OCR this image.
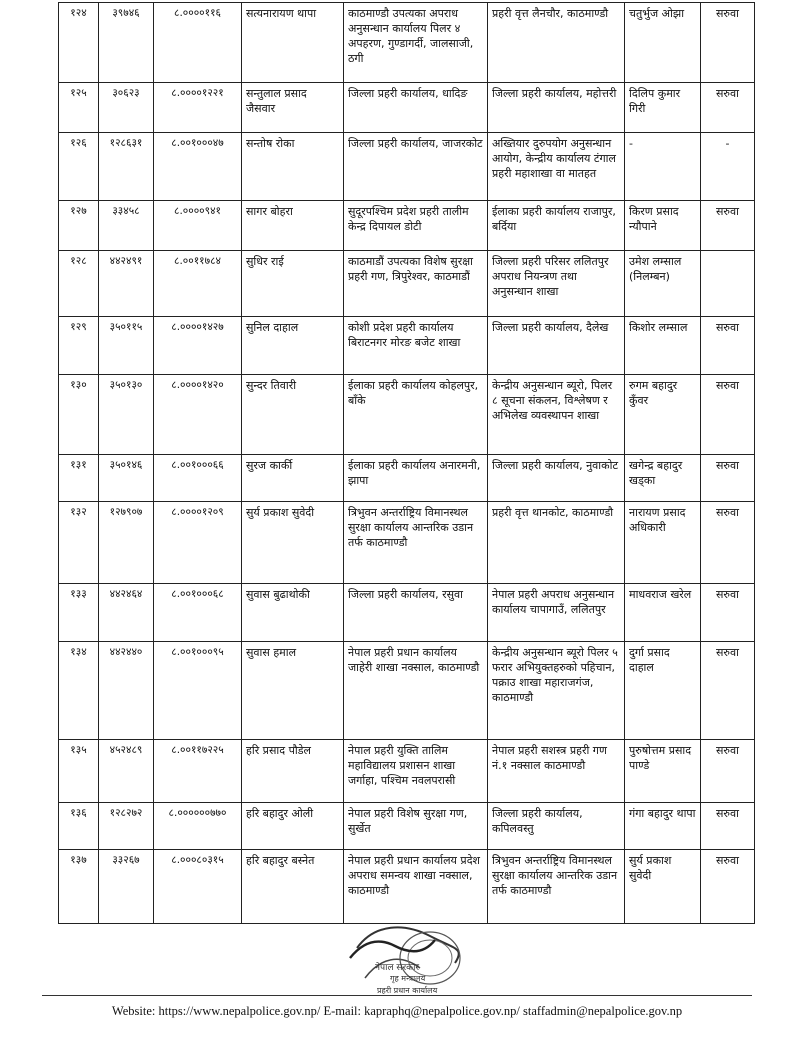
१२४	३९७४६	८.००००११६	सत्यनारायण थापा	काठमाण्डौ उपत्यका अपराध अनुसन्धान कार्यालय पिलर ४ अपहरण, गुण्डागर्दी, जालसाजी, ठगी	प्रहरी वृत्त लैनचौर, काठमाण्डौ	चतुर्भुज ओझा	सरुवा
१२५	३०६२३	८.००००१२२१	सन्तुलाल प्रसाद जैसवार	जिल्ला प्रहरी कार्यालय, धादिङ	जिल्ला प्रहरी कार्यालय, महोत्तरी	दिलिप कुमार गिरी	सरुवा
१२६	१२८६३१	८.००१०००४७	सन्तोष रोका	जिल्ला प्रहरी कार्यालय, जाजरकोट	अख्तियार दुरुपयोग अनुसन्धान आयोग, केन्द्रीय कार्यालय टंगाल प्रहरी महाशाखा वा मातहत	-	-
१२७	३३४५८	८.००००९४१	सागर बोहरा	सुदूरपश्चिम प्रदेश प्रहरी तालीम केन्द्र दिपायल डोटी	ईलाका प्रहरी कार्यालय राजापुर, बर्दिया	किरण प्रसाद न्यौपाने	सरुवा
१२८	४४२४९१	८.००११७८४	सुधिर राई	काठमाडौं उपत्यका विशेष सुरक्षा प्रहरी गण, त्रिपुरेश्वर, काठमाडौं	जिल्ला प्रहरी परिसर ललितपुर अपराध नियन्त्रण तथा अनुसन्धान शाखा	उमेश लम्साल (निलम्बन)	
१२९	३५०११५	८.००००१४२७	सुनिल दाहाल	कोशी प्रदेश प्रहरी कार्यालय बिराटनगर मोरङ बजेट शाखा	जिल्ला प्रहरी कार्यालय, दैलेख	किशोर लम्साल	सरुवा
१३०	३५०१३०	८.००००१४२०	सुन्दर तिवारी	ईलाका प्रहरी कार्यालय कोहलपुर, बाँके	केन्द्रीय अनुसन्धान ब्यूरो, पिलर ८ सूचना संकलन, विश्लेषण र अभिलेख व्यवस्थापन शाखा	रुगम बहादुर कुँवर	सरुवा
१३१	३५०१४६	८.००१०००६६	सुरज कार्की	ईलाका प्रहरी कार्यालय अनारमनी, झापा	जिल्ला प्रहरी कार्यालय, नुवाकोट	खगेन्द्र बहादुर खड्का	सरुवा
१३२	१२७९०७	८.००००१२०९	सुर्य प्रकाश सुवेदी	त्रिभुवन अन्तर्राष्ट्रिय विमानस्थल सुरक्षा कार्यालय आन्तरिक उडान तर्फ काठमाण्डौ	प्रहरी वृत्त थानकोट, काठमाण्डौ	नारायण प्रसाद अधिकारी	सरुवा
१३३	४४२४६४	८.००१०००६८	सुवास बुढाथोकी	जिल्ला प्रहरी कार्यालय, रसुवा	नेपाल प्रहरी अपराध अनुसन्धान कार्यालय चापागाउँ, ललितपुर	माधवराज खरेल	सरुवा
१३४	४४२४४०	८.००१०००९५	सुवास हमाल	नेपाल प्रहरी प्रधान कार्यालय जाहेरी शाखा नक्साल, काठमाण्डौ	केन्द्रीय अनुसन्धान ब्यूरो पिलर ५ फरार अभियुक्तहरुको पहिचान, पक्राउ शाखा महाराजगंज, काठमाण्डौ	दुर्गा प्रसाद दाहाल	सरुवा
१३५	४५२४८९	८.००११७२२५	हरि प्रसाद पौडेल	नेपाल प्रहरी युक्ति तालिम महाविद्यालय प्रशासन शाखा जर्गाहा, पश्चिम नवलपरासी	नेपाल प्रहरी सशस्त्र प्रहरी गण नं.१ नक्साल काठमाण्डौ	पुरुषोत्तम प्रसाद पाण्डे	सरुवा
१३६	१२८२७२	८.००००००७७०	हरि बहादुर ओली	नेपाल प्रहरी विशेष सुरक्षा गण, सुर्खेत	जिल्ला प्रहरी कार्यालय, कपिलवस्तु	गंगा बहादुर थापा	सरुवा
१३७	३३२६७	८.०००८०३१५	हरि बहादुर बस्नेत	नेपाल प्रहरी प्रधान कार्यालय प्रदेश अपराध समन्वय शाखा नक्साल, काठमाण्डौ	त्रिभुवन अन्तर्राष्ट्रिय विमानस्थल सुरक्षा कार्यालय आन्तरिक उडान तर्फ काठमाण्डौ	सुर्य प्रकाश सुवेदी	सरुवा
नेपाल सरकार
गृह मन्त्रालय
प्रहरी प्रधान कार्यालय
Website: https://www.nepalpolice.gov.np/ E-mail: kapraphq@nepalpolice.gov.np/ staffadmin@nepalpolice.gov.np
